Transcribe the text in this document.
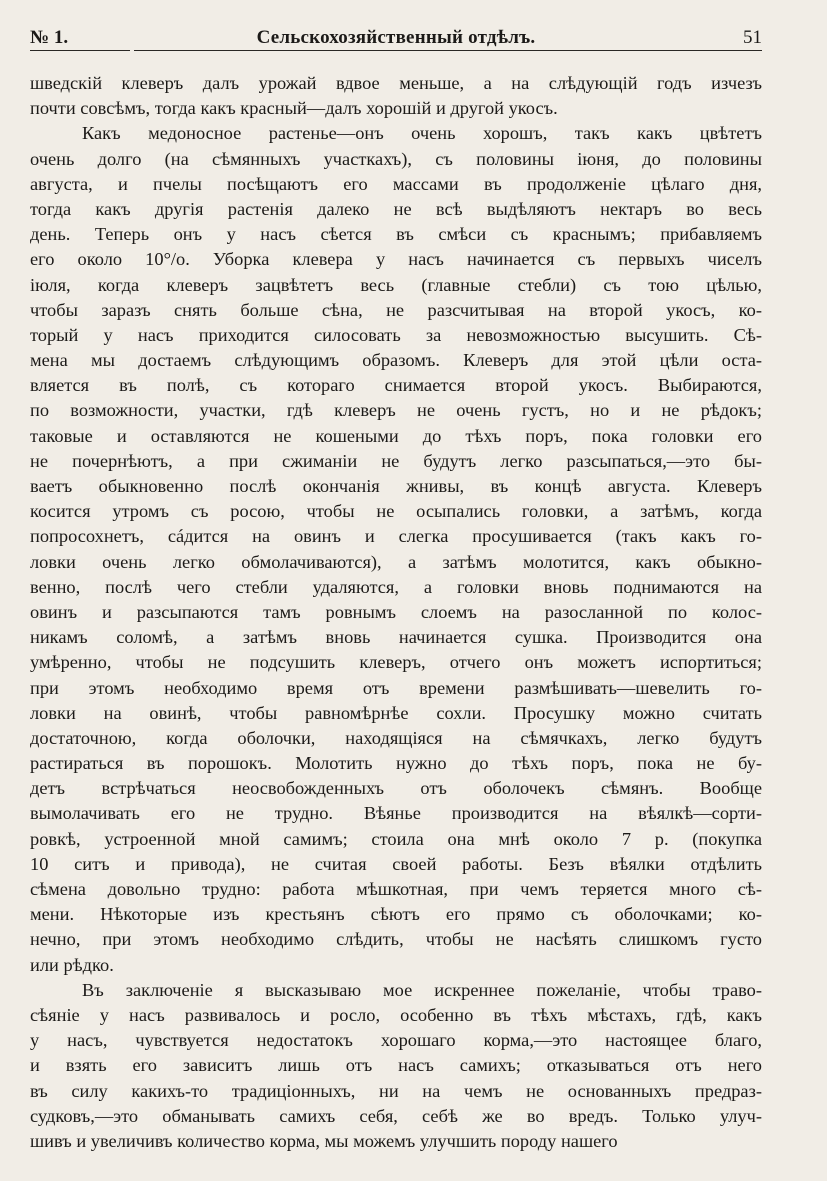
№ 1.	Сельскохозяйственный отдѣлъ.	51

шведскій клеверъ далъ урожай вдвое меньше, а на слѣдующій годъ изчезъ
почти совсѣмъ, тогда какъ красный—далъ хорошій и другой укосъ.

Какъ медоносное растенье—онъ очень хорошъ, такъ какъ цвѣтетъ
очень долго (на сѣмянныхъ участкахъ), съ половины іюня, до половины
августа, и пчелы посѣщаютъ его массами въ продолженіе цѣлаго дня,
тогда какъ другія растенія далеко не всѣ выдѣляютъ нектаръ во весь
день. Теперь онъ у насъ сѣется въ смѣси съ краснымъ; прибавляемъ
его около 10°/о. Уборка клевера у насъ начинается съ первыхъ чиселъ
іюля, когда клеверъ зацвѣтетъ весь (главные стебли) съ тою цѣлью,
чтобы заразъ снять больше сѣна, не разсчитывая на второй укосъ, ко-
торый у насъ приходится силосовать за невозможностью высушить. Сѣ-
мена мы достаемъ слѣдующимъ образомъ. Клеверъ для этой цѣли оста-
вляется въ полѣ, съ котораго снимается второй укосъ. Выбираются,
по возможности, участки, гдѣ клеверъ не очень густъ, но и не рѣдокъ;
таковые и оставляются не кошеными до тѣхъ поръ, пока головки его
не почернѣютъ, а при сжиманіи не будутъ легко разсыпаться,—это бы-
ваетъ обыкновенно послѣ окончанія жнивы, въ концѣ августа. Клеверъ
косится утромъ съ росою, чтобы не осыпались головки, а затѣмъ, когда
попросохнетъ, сáдится на овинъ и слегка просушивается (такъ какъ го-
ловки очень легко обмолачиваются), а затѣмъ молотится, какъ обыкно-
венно, послѣ чего стебли удаляются, а головки вновь поднимаются на
овинъ и разсыпаются тамъ ровнымъ слоемъ на разосланной по колос-
никамъ соломѣ, а затѣмъ вновь начинается сушка. Производится она
умѣренно, чтобы не подсушить клеверъ, отчего онъ можетъ испортиться;
при этомъ необходимо время отъ времени размѣшивать—шевелить го-
ловки на овинѣ, чтобы равномѣрнѣе сохли. Просушку можно считать
достаточною, когда оболочки, находящіяся на сѣмячкахъ, легко будутъ
растираться въ порошокъ. Молотить нужно до тѣхъ поръ, пока не бу-
детъ встрѣчаться неосвобожденныхъ отъ оболочекъ сѣмянъ. Вообще
вымолачивать его не трудно. Вѣянье производится на вѣялкѣ—сорти-
ровкѣ, устроенной мной самимъ; стоила она мнѣ около 7 р. (покупка
10 ситъ и привода), не считая своей работы. Безъ вѣялки отдѣлить
сѣмена довольно трудно: работа мѣшкотная, при чемъ теряется много сѣ-
мени. Нѣкоторые изъ крестьянъ сѣютъ его прямо съ оболочками; ко-
нечно, при этомъ необходимо слѣдить, чтобы не насѣять слишкомъ густо
или рѣдко.

Въ заключеніе я высказываю мое искреннее пожеланіе, чтобы траво-
сѣяніе у насъ развивалось и росло, особенно въ тѣхъ мѣстахъ, гдѣ, какъ
у насъ, чувствуется недостатокъ хорошаго корма,—это настоящее благо,
и взять его зависитъ лишь отъ насъ самихъ; отказываться отъ него
въ силу какихъ-то традиціонныхъ, ни на чемъ не основанныхъ предраз-
судковъ,—это обманывать самихъ себя, себѣ же во вредъ. Только улуч-
шивъ и увеличивъ количество корма, мы можемъ улучшить породу нашего
